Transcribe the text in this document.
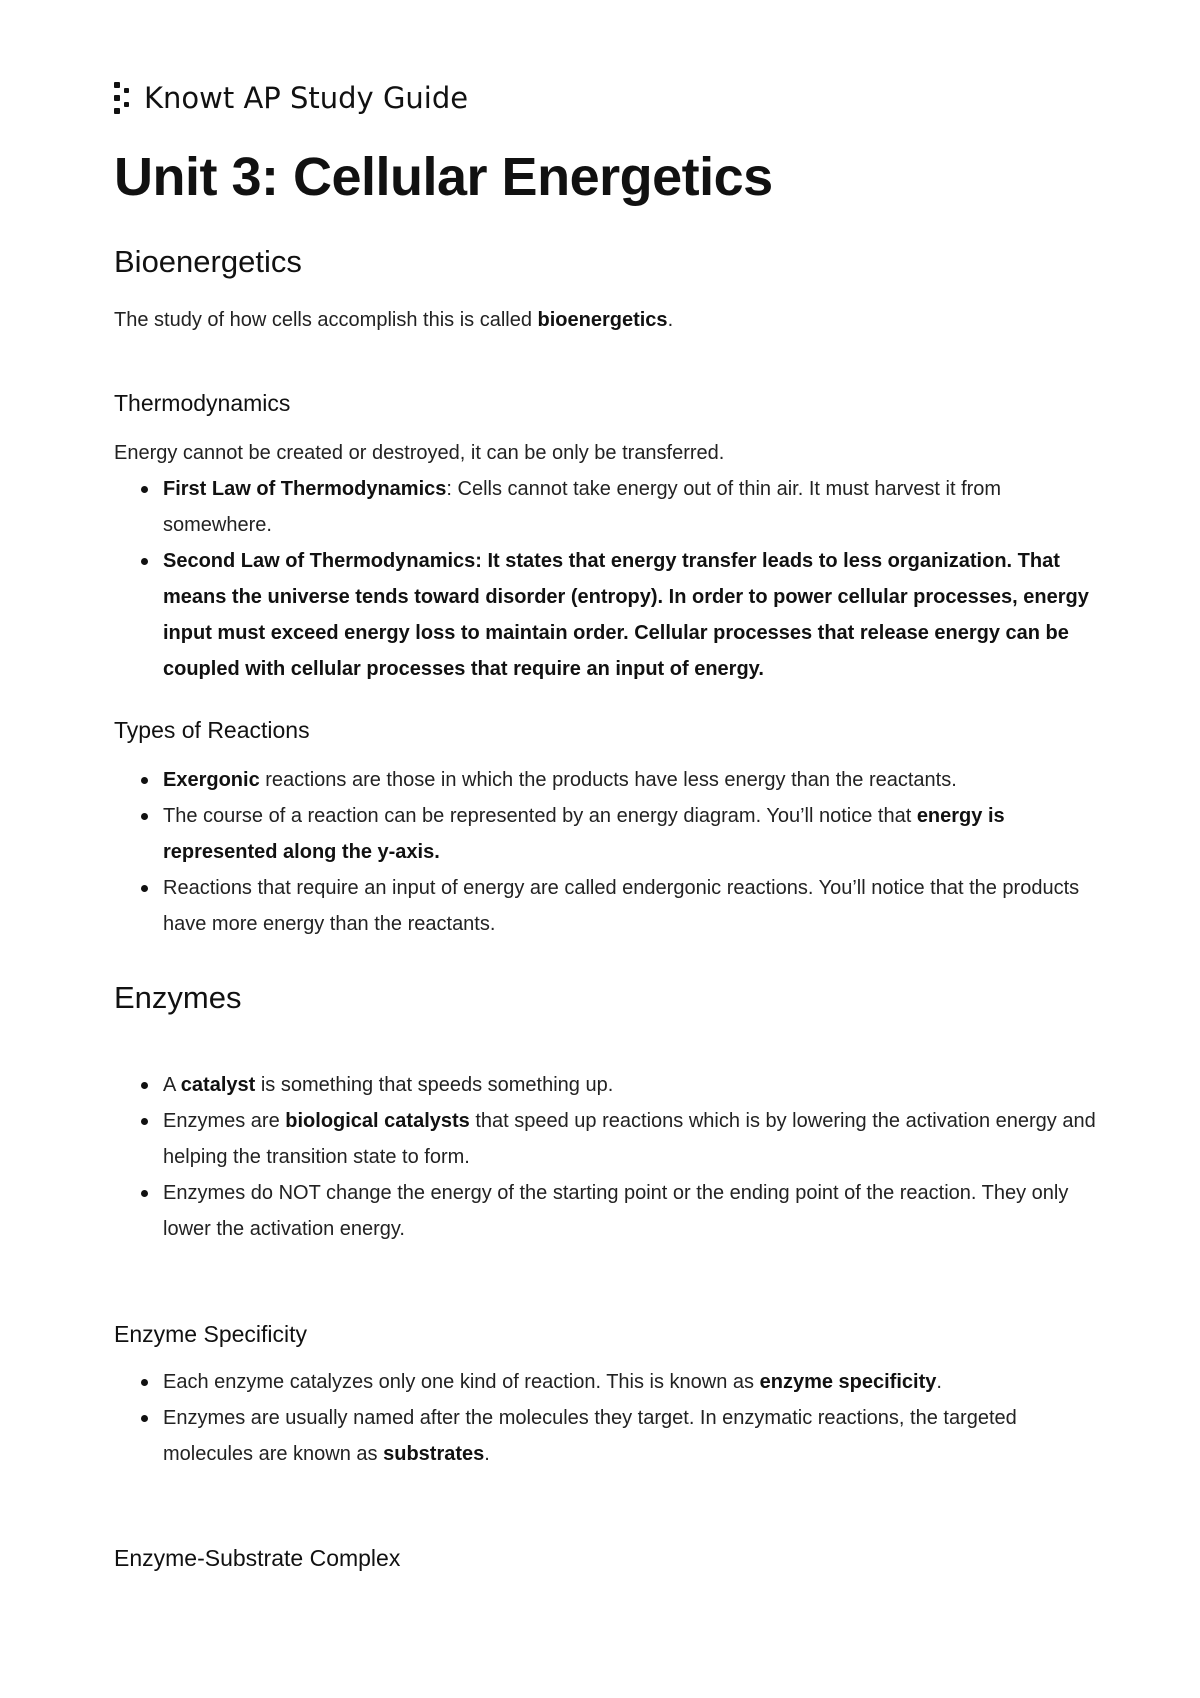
Knowt AP Study Guide
Unit 3: Cellular Energetics
Bioenergetics

The study of how cells accomplish this is called bioenergetics.

Thermodynamics

Energy cannot be created or destroyed, it can be only be transferred.

First Law of Thermodynamics: Cells cannot take energy out of thin air. It must harvest it from somewhere.
Second Law of Thermodynamics: It states that energy transfer leads to less organization. That means the universe tends toward disorder (entropy). In order to power cellular processes, energy input must exceed energy loss to maintain order. Cellular processes that release energy can be coupled with cellular processes that require an input of energy.
Types of Reactions
Exergonic reactions are those in which the products have less energy than the reactants.
The course of a reaction can be represented by an energy diagram. You’ll notice that energy is represented along the y-axis.
Reactions that require an input of energy are called endergonic reactions. You’ll notice that the products have more energy than the reactants.
Enzymes
A catalyst is something that speeds something up.
Enzymes are biological catalysts that speed up reactions which is by lowering the activation energy and helping the transition state to form.
Enzymes do NOT change the energy of the starting point or the ending point of the reaction. They only lower the activation energy.
Enzyme Specificity
Each enzyme catalyzes only one kind of reaction. This is known as enzyme specificity.
Enzymes are usually named after the molecules they target. In enzymatic reactions, the targeted molecules are known as substrates.
Enzyme-Substrate Complex
